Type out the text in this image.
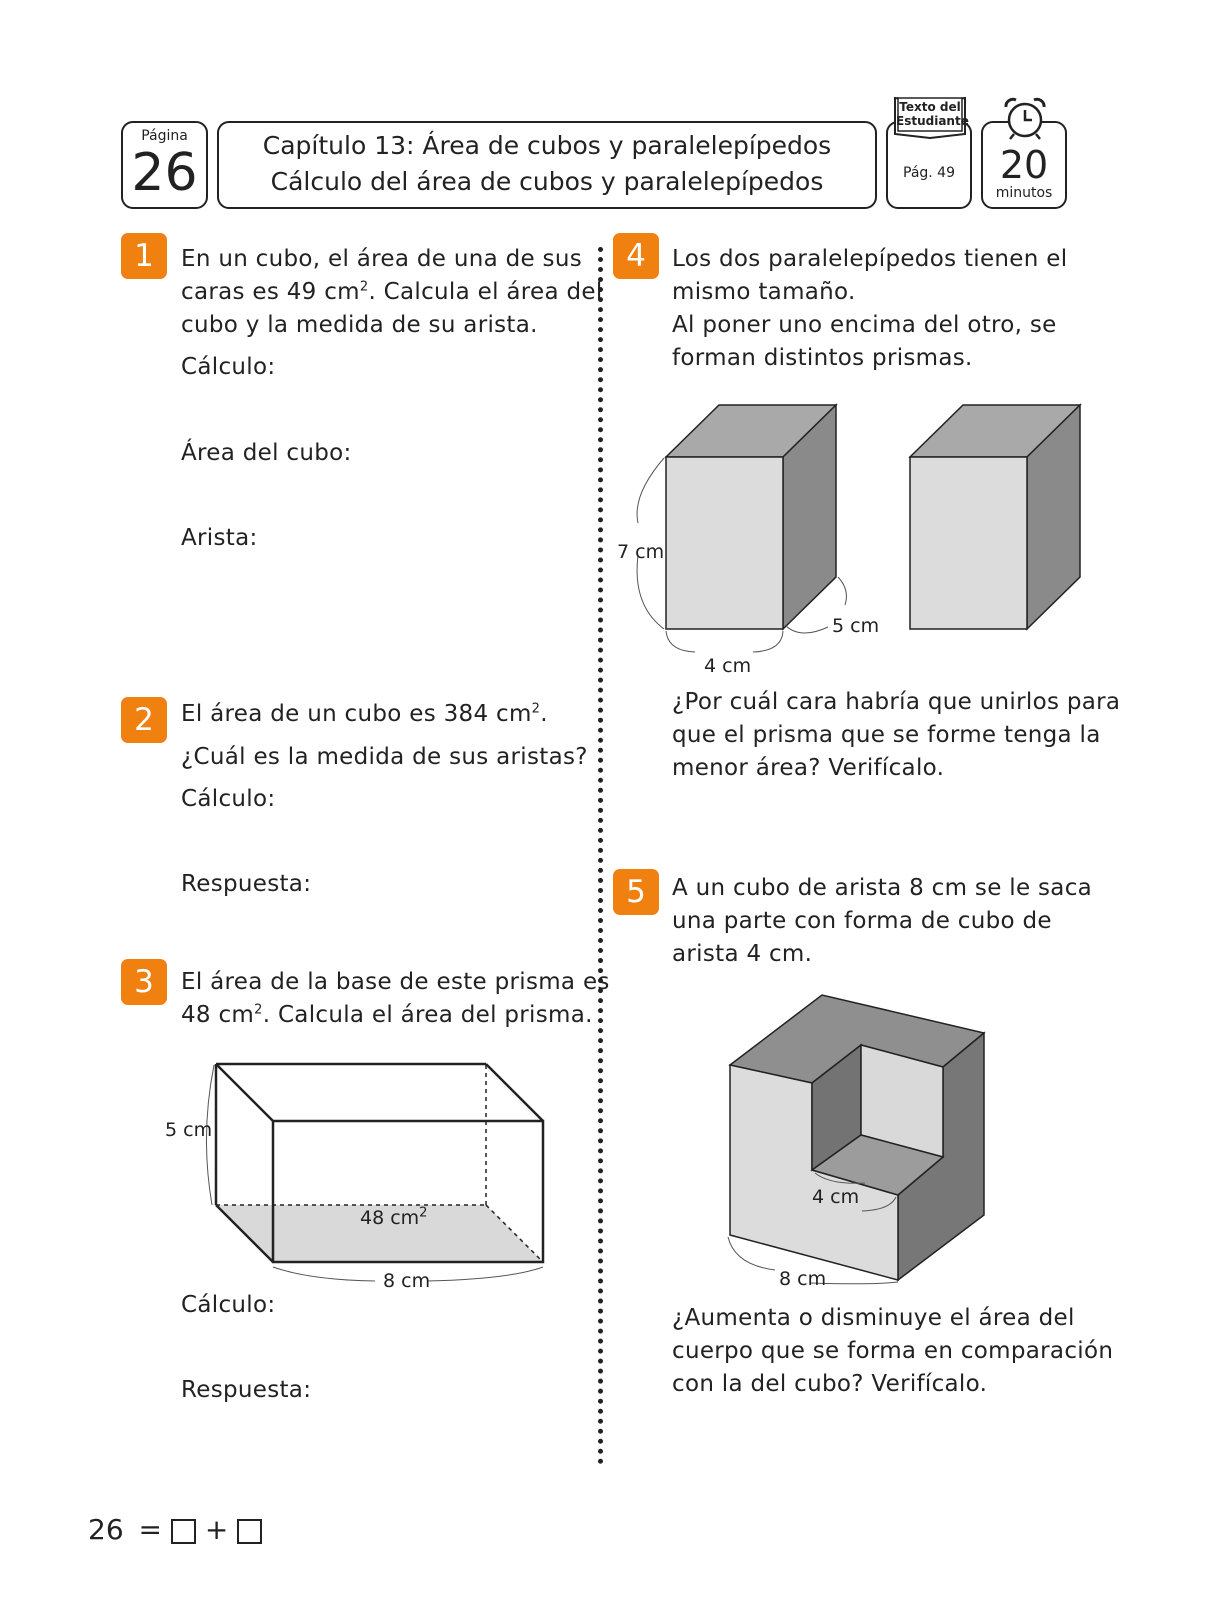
Página
26	Capítulo 13: Área de cubos y paralelepípedos
Cálculo del área de cubos y paralelepípedos	Pág. 49
Texto del
Estudiante
20
minutos
1	En un cubo, el área de una de sus
caras es 49 $cm^2$. Calcula el área del
cubo y la medida de su arista.
Cálculo:
Área del cubo:
Arista:
2	El área de un cubo es 384 $cm^2$.
¿Cuál es la medida de sus aristas?
Cálculo:
Respuesta:
3	El área de la base de este prisma es
48 $cm^2$. Calcula el área del prisma.
5 cm
48 $cm^2$
8 cm
Cálculo:
Respuesta:
4	Los dos paralelepípedos tienen el
mismo tamaño.
Al poner uno encima del otro, se
forman distintos prismas.
7 cm
5 cm
4 cm
¿Por cuál cara habría que unirlos para
que el prisma que se forme tenga la
menor área? Verifícalo.
5	A un cubo de arista 8 cm se le saca
una parte con forma de cubo de
arista 4 cm.
4 cm
8 cm
¿Aumenta o disminuye el área del
cuerpo que se forma en comparación
con la del cubo? Verifícalo.
26 = +
